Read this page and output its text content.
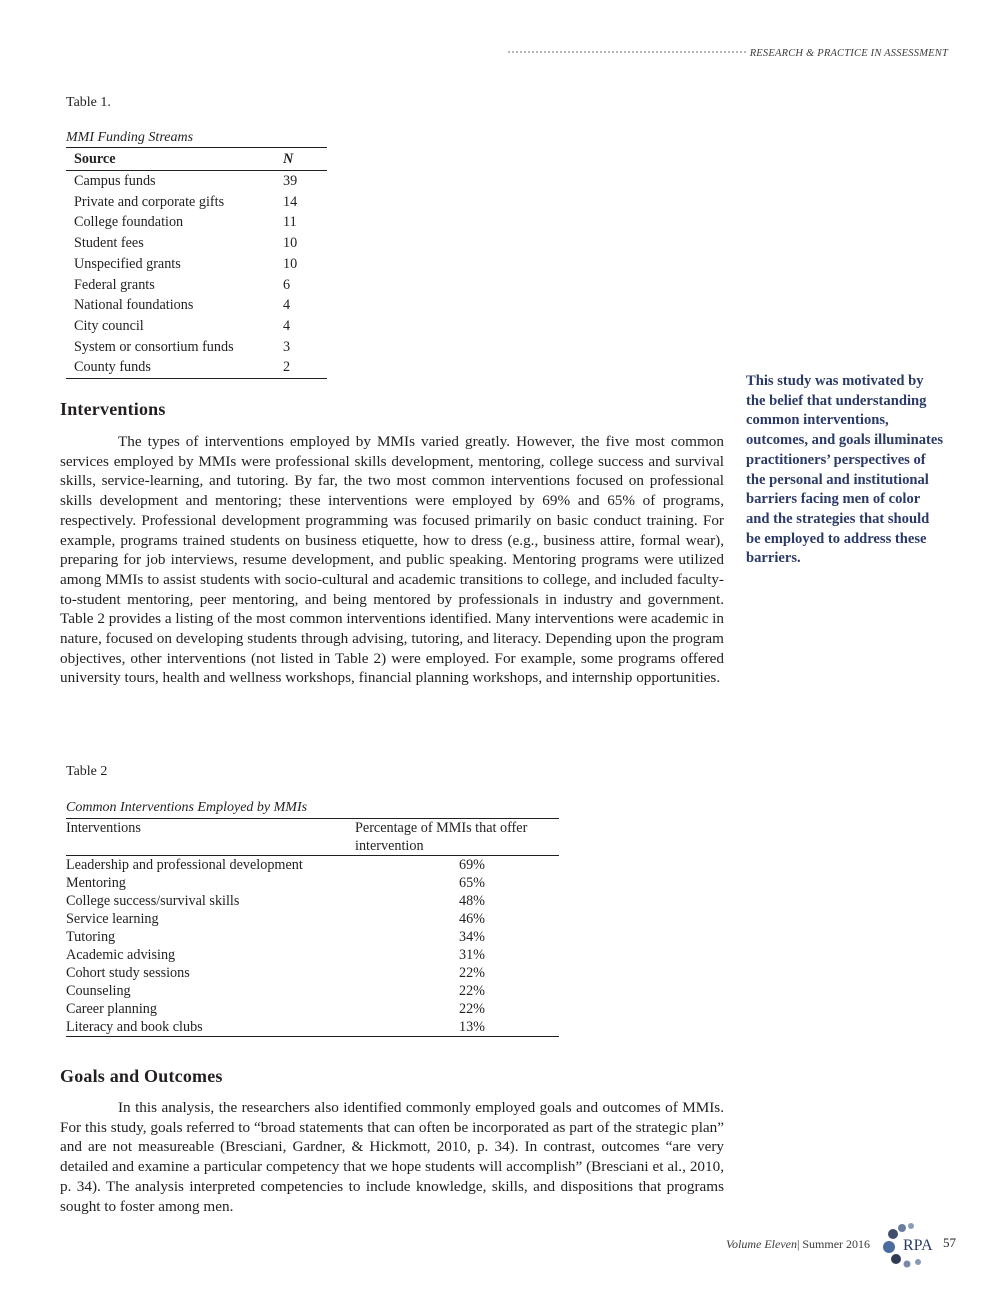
RESEARCH & PRACTICE IN ASSESSMENT
Table 1.
MMI Funding Streams
Source	N
Campus funds	39
Private and corporate gifts	14
College foundation	11
Student fees	10
Unspecified grants	10
Federal grants	6
National foundations	4
City council	4
System or consortium funds	3
County funds	2
Interventions

The types of interventions employed by MMIs varied greatly. However, the five most common services employed by MMIs were professional skills development, mentoring, college success and survival skills, service-learning, and tutoring. By far, the two most common interventions focused on professional skills development and mentoring; these interventions were employed by 69% and 65% of programs, respectively. Professional development programming was focused primarily on basic conduct training. For example, programs trained students on business etiquette, how to dress (e.g., business attire, formal wear), preparing for job interviews, resume development, and public speaking. Mentoring programs were utilized among MMIs to assist students with socio-cultural and academic transitions to college, and included faculty-to-student mentoring, peer mentoring, and being mentored by professionals in industry and government. Table 2 provides a listing of the most common interventions identified. Many interventions were academic in nature, focused on developing students through advising, tutoring, and literacy. Depending upon the program objectives, other interventions (not listed in Table 2) were employed. For example, some programs offered university tours, health and wellness workshops, financial planning workshops, and internship opportunities.

This study was motivated by the belief that understanding common interventions, outcomes, and goals illuminates practitioners’ perspectives of the personal and institutional barriers facing men of color and the strategies that should be employed to address these barriers.

Table 2
Common Interventions Employed by MMIs
Interventions	Percentage of MMIs that offer intervention
Leadership and professional development	69%
Mentoring	65%
College success/survival skills	48%
Service learning	46%
Tutoring	34%
Academic advising	31%
Cohort study sessions	22%
Counseling	22%
Career planning	22%
Literacy and book clubs	13%
Goals and Outcomes

In this analysis, the researchers also identified commonly employed goals and outcomes of MMIs. For this study, goals referred to “broad statements that can often be incorporated as part of the strategic plan” and are not measureable (Bresciani, Gardner, & Hickmott, 2010, p. 34). In contrast, outcomes “are very detailed and examine a particular competency that we hope students will accomplish” (Bresciani et al., 2010, p. 34). The analysis interpreted competencies to include knowledge, skills, and dispositions that programs sought to foster among men.

Volume Eleven| Summer 2016 RPA 57
